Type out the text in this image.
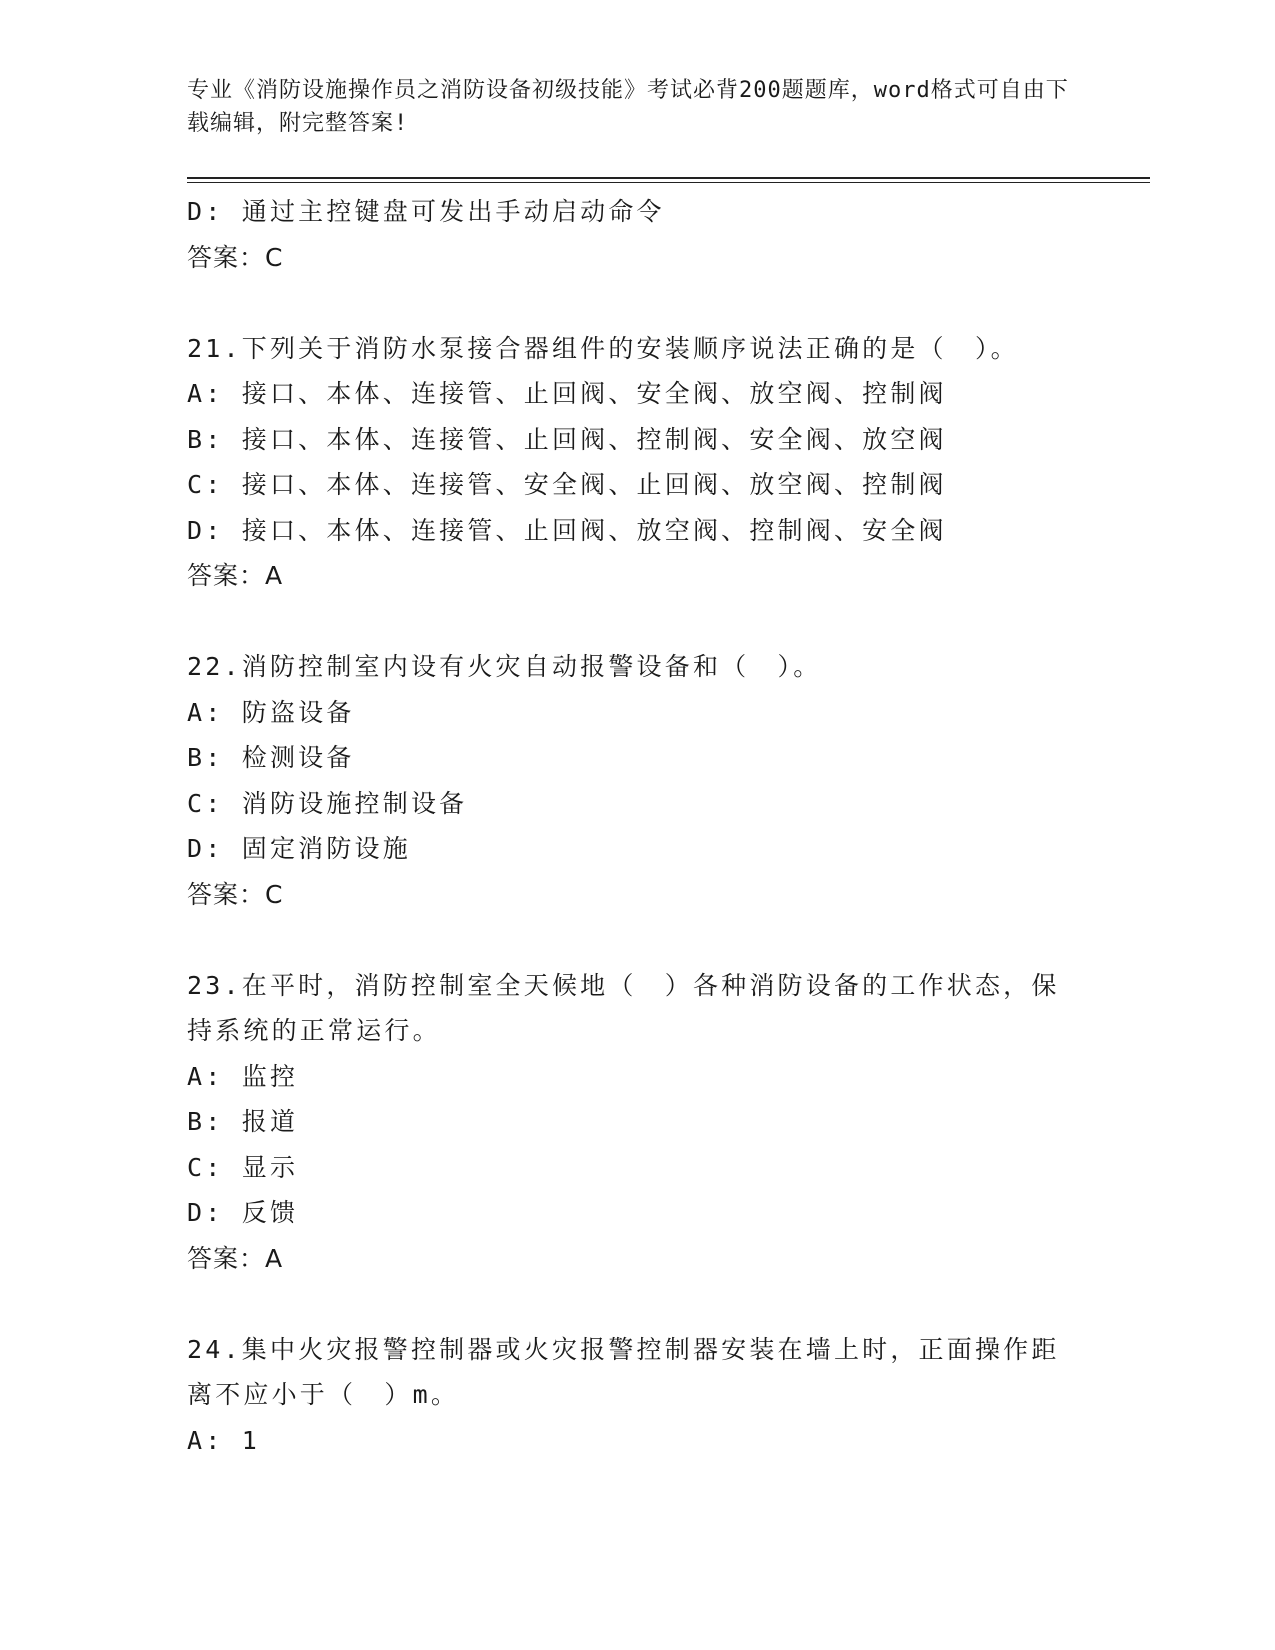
专业《消防设施操作员之消防设备初级技能》考试必背200题题库，word格式可自由下载编辑，附完整答案!
D: 通过主控键盘可发出手动启动命令
答案：C
21.下列关于消防水泵接合器组件的安装顺序说法正确的是（　）。
A: 接口、本体、连接管、止回阀、安全阀、放空阀、控制阀
B: 接口、本体、连接管、止回阀、控制阀、安全阀、放空阀
C: 接口、本体、连接管、安全阀、止回阀、放空阀、控制阀
D: 接口、本体、连接管、止回阀、放空阀、控制阀、安全阀
答案：A
22.消防控制室内设有火灾自动报警设备和（　）。
A: 防盗设备
B: 检测设备
C: 消防设施控制设备
D: 固定消防设施
答案：C
23.在平时，消防控制室全天候地（　）各种消防设备的工作状态，保持系统的正常运行。
A: 监控
B: 报道
C: 显示
D: 反馈
答案：A
24.集中火灾报警控制器或火灾报警控制器安装在墙上时，正面操作距离不应小于（　）m。
A: 1
